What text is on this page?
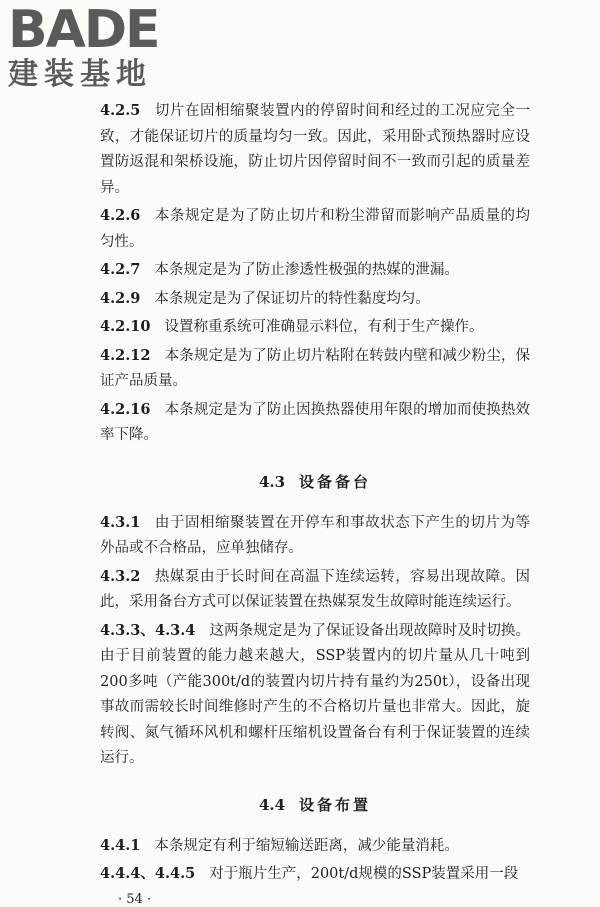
BADE
建装基地

4.2.5 切片在固相缩聚装置内的停留时间和经过的工况应完全一致，才能保证切片的质量均匀一致。因此，采用卧式预热器时应设置防返混和架桥设施，防止切片因停留时间不一致而引起的质量差异。

4.2.6 本条规定是为了防止切片和粉尘滞留而影响产品质量的均匀性。

4.2.7 本条规定是为了防止渗透性极强的热媒的泄漏。

4.2.9 本条规定是为了保证切片的特性黏度均匀。

4.2.10 设置称重系统可准确显示料位，有利于生产操作。

4.2.12 本条规定是为了防止切片粘附在转鼓内壁和减少粉尘，保证产品质量。

4.2.16 本条规定是为了防止因换热器使用年限的增加而使换热效率下降。

4.3 设备备台

4.3.1 由于固相缩聚装置在开停车和事故状态下产生的切片为等外品或不合格品，应单独储存。

4.3.2 热媒泵由于长时间在高温下连续运转，容易出现故障。因此，采用备台方式可以保证装置在热媒泵发生故障时能连续运行。

4.3.3、4.3.4 这两条规定是为了保证设备出现故障时及时切换。由于目前装置的能力越来越大，SSP装置内的切片量从几十吨到200多吨（产能300t/d的装置内切片持有量约为250t），设备出现事故而需较长时间维修时产生的不合格切片量也非常大。因此，旋转阀、氮气循环风机和螺杆压缩机设置备台有利于保证装置的连续运行。

4.4 设备布置

4.4.1 本条规定有利于缩短输送距离，减少能量消耗。

4.4.4、4.4.5 对于瓶片生产，200t/d规模的SSP装置采用一段

· 54 ·
